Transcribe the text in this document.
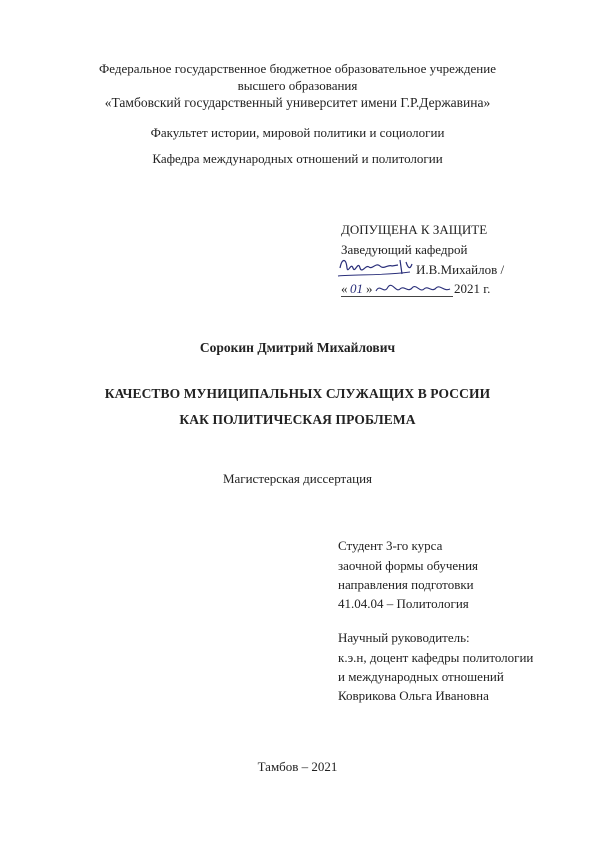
Федеральное государственное бюджетное образовательное учреждение
высшего образования
«Тамбовский государственный университет имени Г.Р.Державина»
Факультет истории, мировой политики и социологии
Кафедра международных отношений и политологии
ДОПУЩЕНА К ЗАЩИТЕ
Заведующий кафедрой
И.В.Михайлов /
« 01 »	2021 г.
Сорокин Дмитрий Михайлович
КАЧЕСТВО МУНИЦИПАЛЬНЫХ СЛУЖАЩИХ В РОССИИ
КАК ПОЛИТИЧЕСКАЯ ПРОБЛЕМА
Магистерская диссертация
Студент 3-го курса
заочной формы обучения
направления подготовки
41.04.04 – Политология
Научный руководитель:
к.э.н, доцент кафедры политологии
и международных отношений
Коврикова Ольга Ивановна
Тамбов – 2021
